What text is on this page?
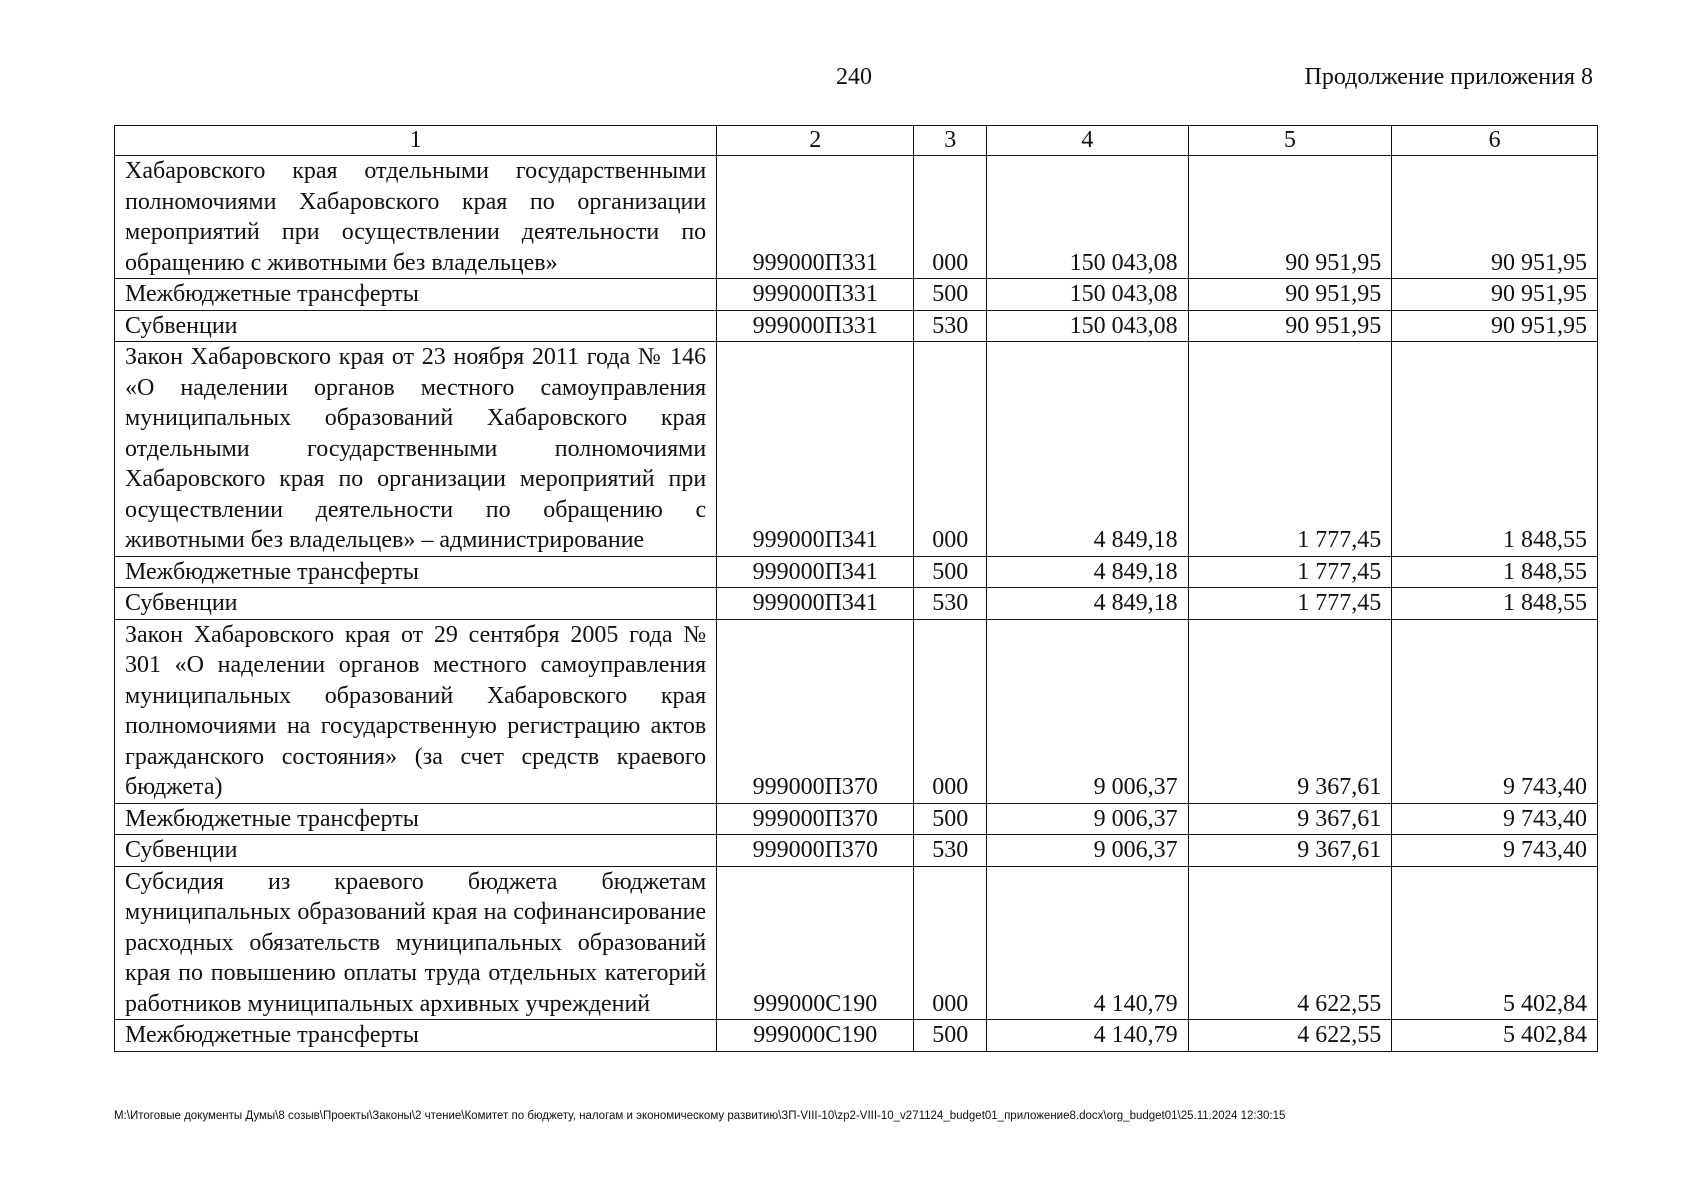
240	Продолжение приложения 8
1	2	3	4	5	6
Хабаровского края отдельными государственными полномочиями Хабаровского края по организации мероприятий при осуществлении деятельности по обращению с животными без владельцев»	999000П331	000	150 043,08	90 951,95	90 951,95
Межбюджетные трансферты	999000П331	500	150 043,08	90 951,95	90 951,95
Субвенции	999000П331	530	150 043,08	90 951,95	90 951,95
Закон Хабаровского края от 23 ноября 2011 года № 146 «О наделении органов местного самоуправления муниципальных образований Хабаровского края отдельными государственными полномочиями Хабаровского края по организации мероприятий при осуществлении деятельности по обращению с животными без владельцев» – администрирование	999000П341	000	4 849,18	1 777,45	1 848,55
Межбюджетные трансферты	999000П341	500	4 849,18	1 777,45	1 848,55
Субвенции	999000П341	530	4 849,18	1 777,45	1 848,55
Закон Хабаровского края от 29 сентября 2005 года № 301 «О наделении органов местного самоуправления муниципальных образований Хабаровского края полномочиями на государственную регистрацию актов гражданского состояния» (за счет средств краевого бюджета)	999000П370	000	9 006,37	9 367,61	9 743,40
Межбюджетные трансферты	999000П370	500	9 006,37	9 367,61	9 743,40
Субвенции	999000П370	530	9 006,37	9 367,61	9 743,40
Субсидия из краевого бюджета бюджетам муниципальных образований края на софинансирование расходных обязательств муниципальных образований края по повышению оплаты труда отдельных категорий работников муниципальных архивных учреждений	999000С190	000	4 140,79	4 622,55	5 402,84
Межбюджетные трансферты	999000С190	500	4 140,79	4 622,55	5 402,84
M:\Итоговые документы Думы\8 созыв\Проекты\Законы\2 чтение\Комитет по бюджету, налогам и экономическому развитию\ЗП-VIII-10\zp2-VIII-10_v271124_budget01_приложение8.docx\org_budget01\25.11.2024 12:30:15
